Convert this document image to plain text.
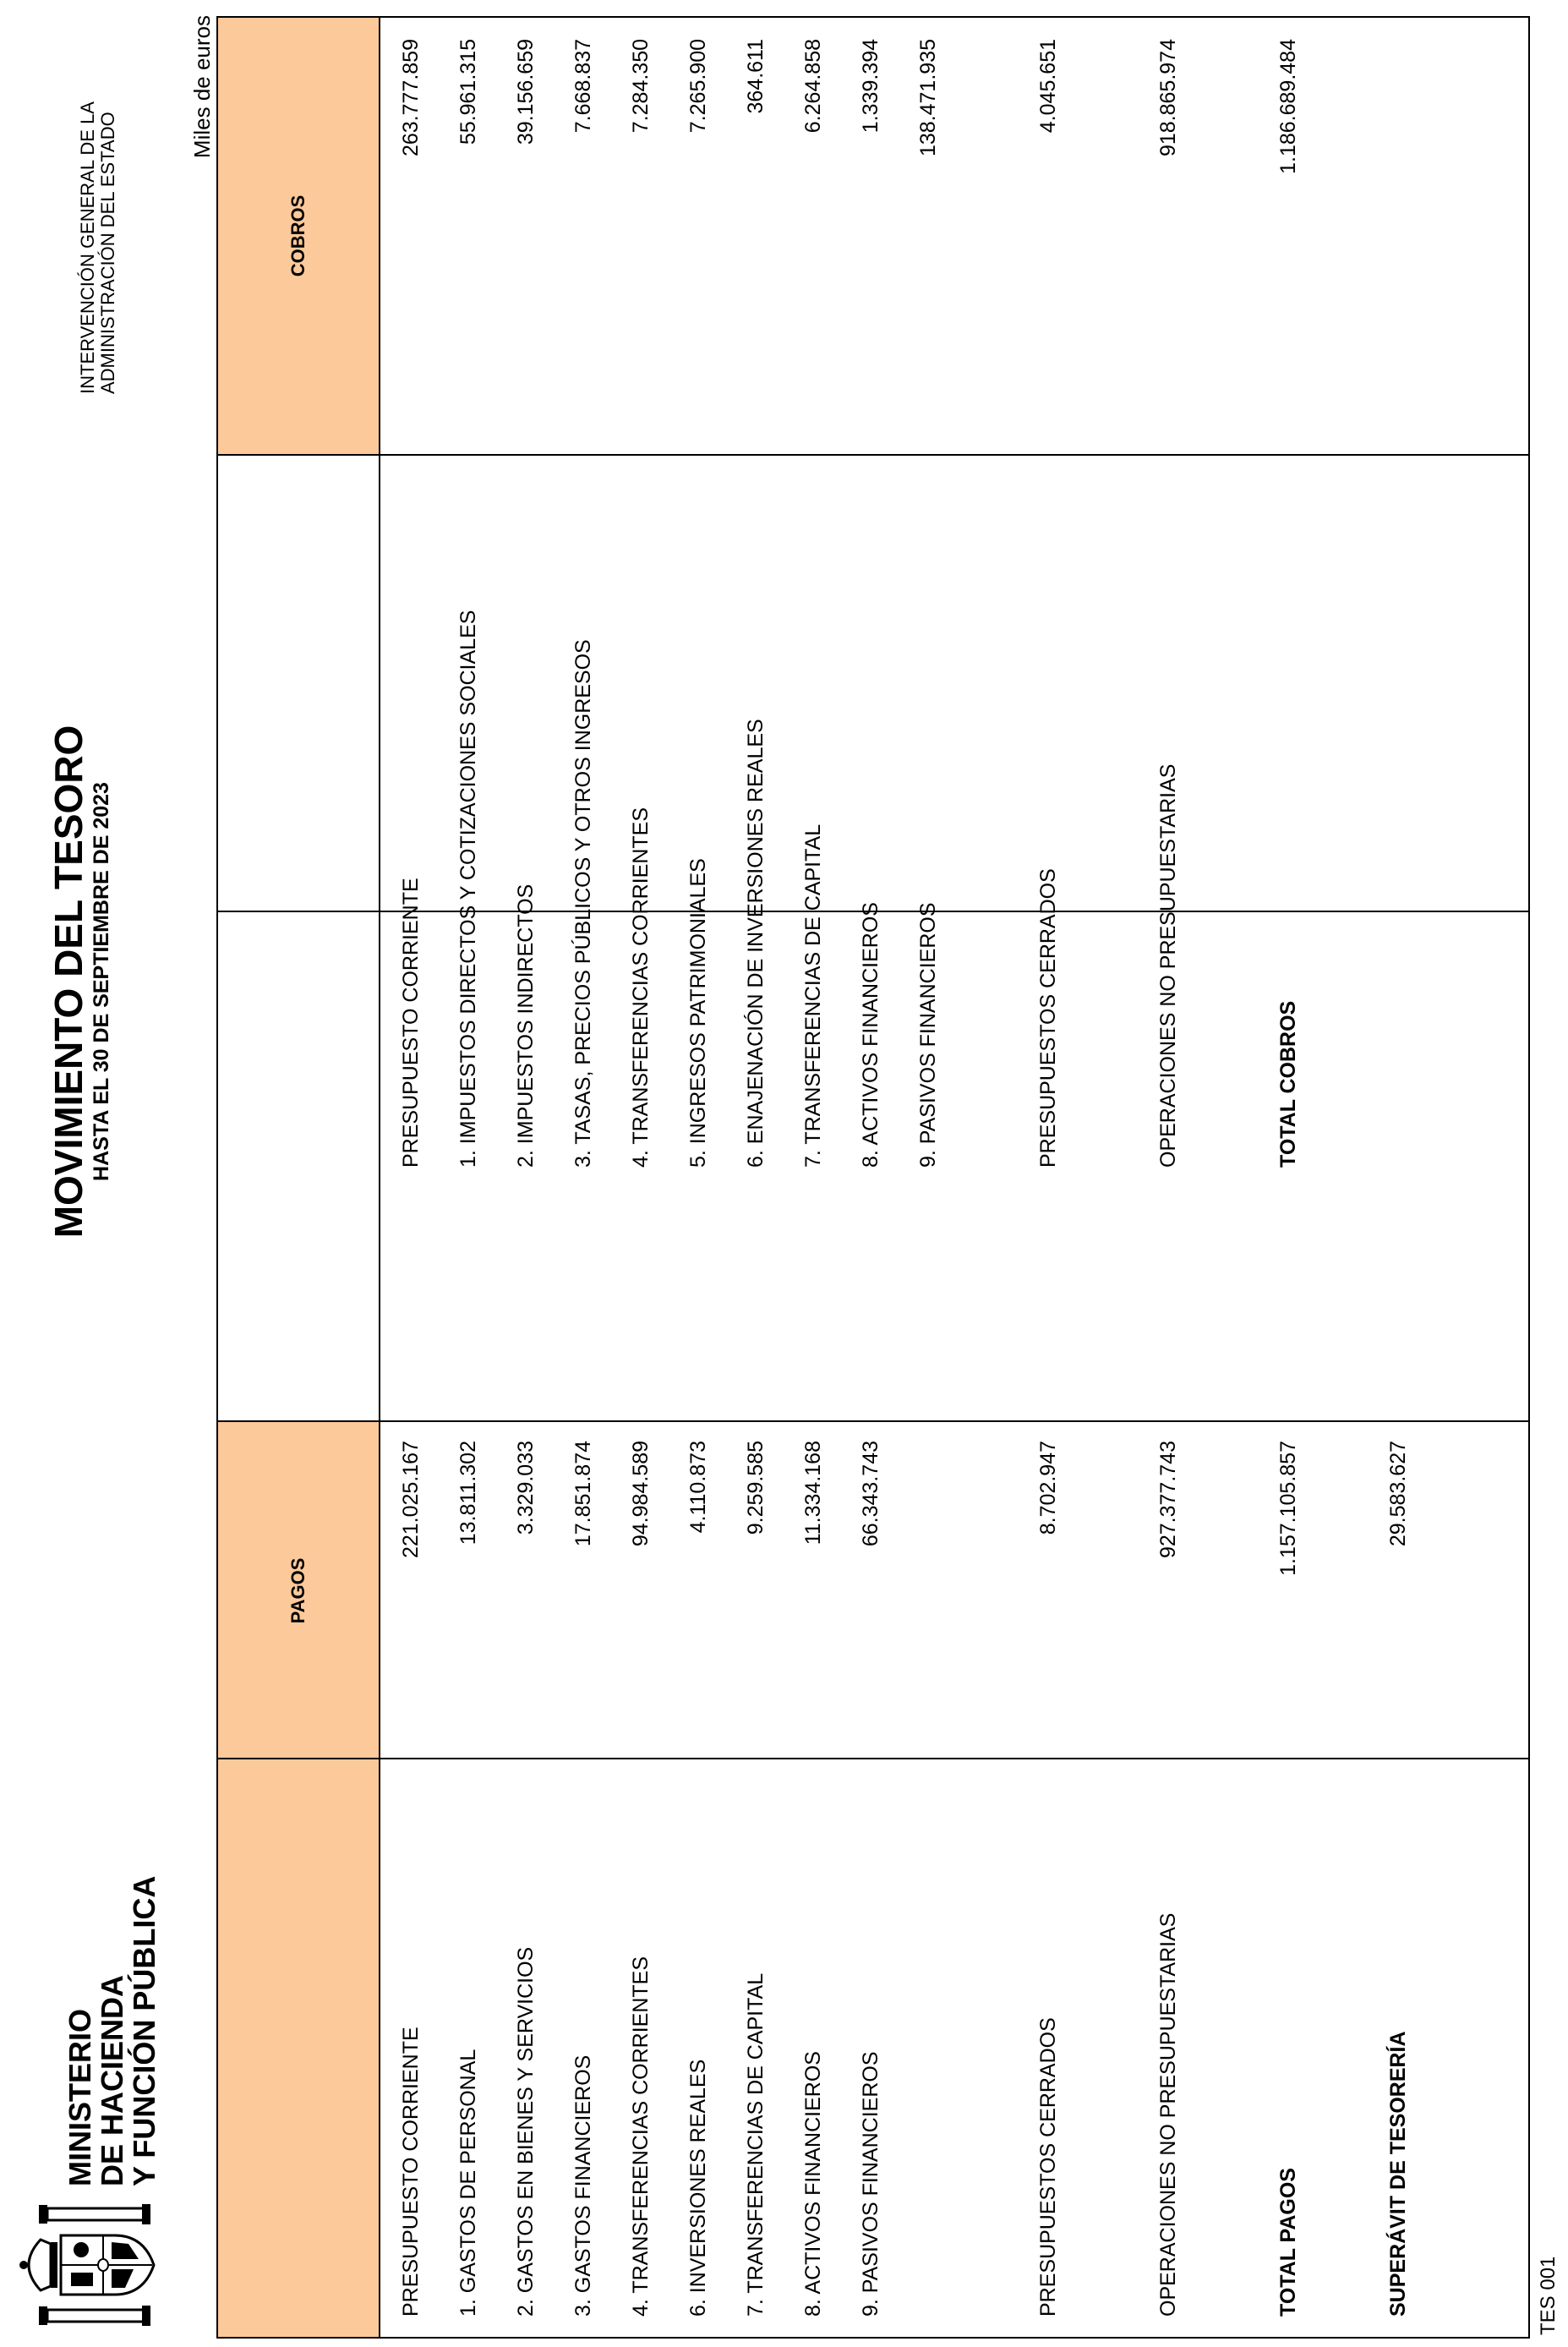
MINISTERIO
DE HACIENDA
Y FUNCIÓN PÚBLICA
MOVIMIENTO DEL TESORO HASTA EL 30 DE SEPTIEMBRE DE 2023
INTERVENCIÓN GENERAL DE LA ADMINISTRACIÓN DEL ESTADO
Miles de euros
PAGOS
COBROS
PRESUPUESTO CORRIENTE
221.025.167
1. GASTOS DE PERSONAL
13.811.302
2. GASTOS EN BIENES Y SERVICIOS
3.329.033
3. GASTOS FINANCIEROS
17.851.874
4. TRANSFERENCIAS CORRIENTES
94.984.589
6. INVERSIONES REALES
4.110.873
7. TRANSFERENCIAS DE CAPITAL
9.259.585
8. ACTIVOS FINANCIEROS
11.334.168
9. PASIVOS FINANCIEROS
66.343.743
PRESUPUESTOS CERRADOS
8.702.947
OPERACIONES NO PRESUPUESTARIAS
927.377.743
TOTAL PAGOS
1.157.105.857
SUPERÁVIT DE TESORERÍA
29.583.627
PRESUPUESTO CORRIENTE
263.777.859
1. IMPUESTOS DIRECTOS Y COTIZACIONES SOCIALES
55.961.315
2. IMPUESTOS INDIRECTOS
39.156.659
3. TASAS, PRECIOS PÚBLICOS Y OTROS INGRESOS
7.668.837
4. TRANSFERENCIAS CORRIENTES
7.284.350
5. INGRESOS PATRIMONIALES
7.265.900
6. ENAJENACIÓN DE INVERSIONES REALES
364.611
7. TRANSFERENCIAS DE CAPITAL
6.264.858
8. ACTIVOS FINANCIEROS
1.339.394
9. PASIVOS FINANCIEROS
138.471.935
PRESUPUESTOS CERRADOS
4.045.651
OPERACIONES NO PRESUPUESTARIAS
918.865.974
TOTAL COBROS
1.186.689.484
TES 001
